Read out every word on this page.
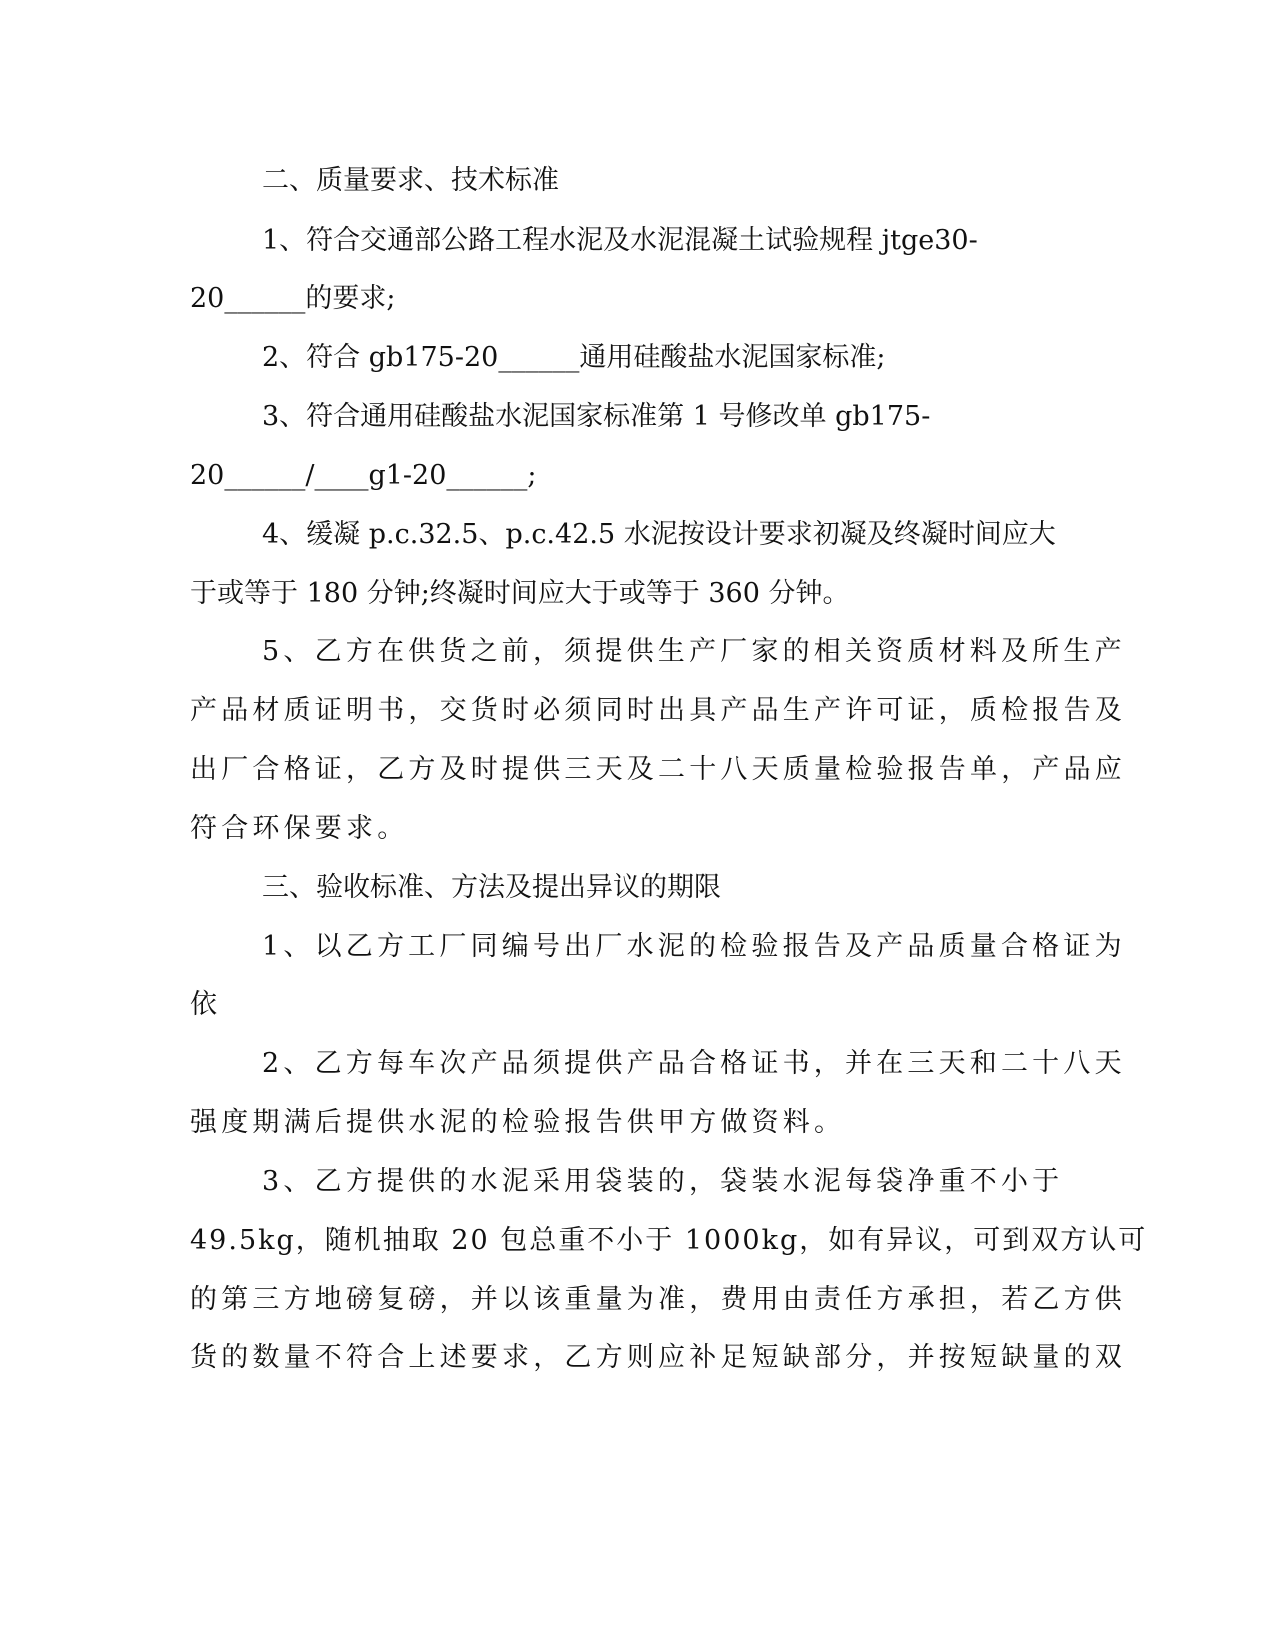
二、质量要求、技术标准
1、符合交通部公路工程水泥及水泥混凝土试验规程 jtge30-
20______的要求;
2、符合 gb175-20______通用硅酸盐水泥国家标准;
3、符合通用硅酸盐水泥国家标准第 1 号修改单 gb175-
20______/____g1-20______;
4、缓凝 p.c.32.5、p.c.42.5 水泥按设计要求初凝及终凝时间应大
于或等于 180 分钟;终凝时间应大于或等于 360 分钟。
5、乙方在供货之前，须提供生产厂家的相关资质材料及所生产
产品材质证明书，交货时必须同时出具产品生产许可证，质检报告及
出厂合格证，乙方及时提供三天及二十八天质量检验报告单，产品应
符合环保要求。
三、验收标准、方法及提出异议的期限
1、以乙方工厂同编号出厂水泥的检验报告及产品质量合格证为
依
2、乙方每车次产品须提供产品合格证书，并在三天和二十八天
强度期满后提供水泥的检验报告供甲方做资料。
3、乙方提供的水泥采用袋装的，袋装水泥每袋净重不小于
49.5kg，随机抽取 20 包总重不小于 1000kg，如有异议，可到双方认可
的第三方地磅复磅，并以该重量为准，费用由责任方承担，若乙方供
货的数量不符合上述要求，乙方则应补足短缺部分，并按短缺量的双
